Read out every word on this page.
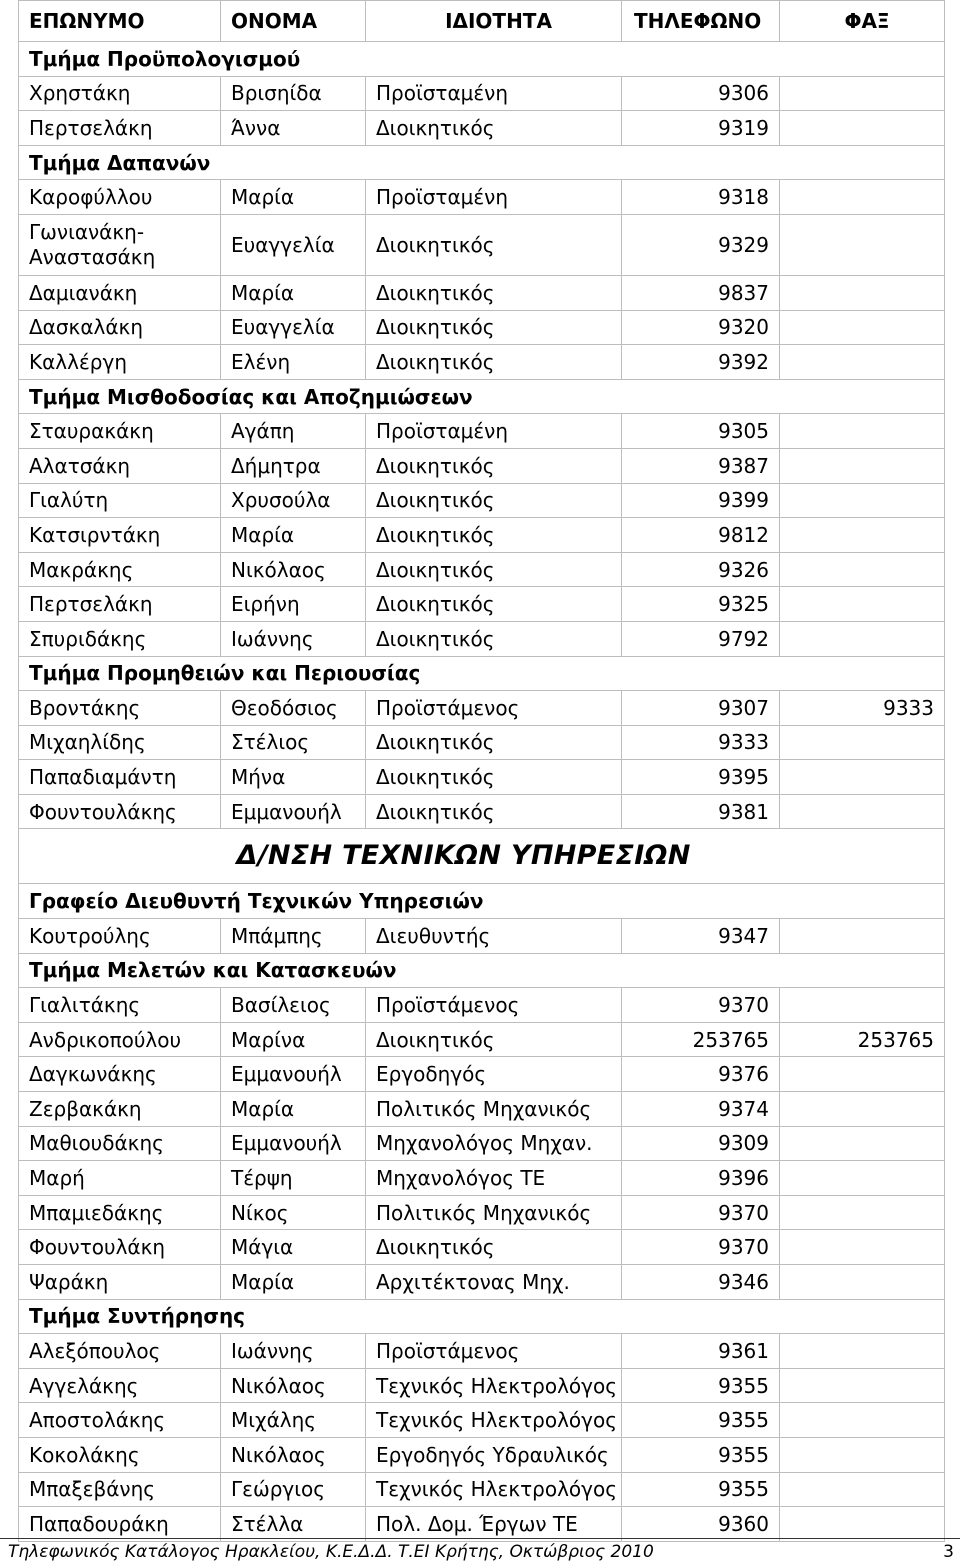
ΕΠΩΝΥΜΟ	ΟΝΟΜΑ	ΙΔΙΟΤΗΤΑ	ΤΗΛΕΦΩΝΟ	ΦΑΞ
Τμήμα Προϋπολογισμού				
Χρηστάκη	Βρισηίδα	Προϊσταμένη	9306	
Περτσελάκη	Άννα	Διοικητικός	9319	
Τμήμα Δαπανών				
Καροφύλλου	Μαρία	Προϊσταμένη	9318	
Γωνιανάκη-Αναστασάκη	Ευαγγελία	Διοικητικός	9329	
Δαμιανάκη	Μαρία	Διοικητικός	9837	
Δασκαλάκη	Ευαγγελία	Διοικητικός	9320	
Καλλέργη	Ελένη	Διοικητικός	9392	
Τμήμα Μισθοδοσίας και Αποζημιώσεων				
Σταυρακάκη	Αγάπη	Προϊσταμένη	9305	
Αλατσάκη	Δήμητρα	Διοικητικός	9387	
Γιαλύτη	Χρυσούλα	Διοικητικός	9399	
Κατσιρντάκη	Μαρία	Διοικητικός	9812	
Μακράκης	Νικόλαος	Διοικητικός	9326	
Περτσελάκη	Ειρήνη	Διοικητικός	9325	
Σπυριδάκης	Ιωάννης	Διοικητικός	9792	
Τμήμα Προμηθειών και Περιουσίας				
Βροντάκης	Θεοδόσιος	Προϊστάμενος	9307	9333
Μιχαηλίδης	Στέλιος	Διοικητικός	9333	
Παπαδιαμάντη	Μήνα	Διοικητικός	9395	
Φουντουλάκης	Εμμανουήλ	Διοικητικός	9381	
	Δ/ΝΣΗ ΤΕΧΝΙΚΩΝ ΥΠΗΡΕΣΙΩΝ			
Γραφείο Διευθυντή Τεχνικών Υπηρεσιών				
Κουτρούλης	Μπάμπης	Διευθυντής	9347	
Τμήμα Μελετών και Κατασκευών				
Γιαλιτάκης	Βασίλειος	Προϊστάμενος	9370	
Ανδρικοπούλου	Μαρίνα	Διοικητικός	253765	253765
Δαγκωνάκης	Εμμανουήλ	Εργοδηγός	9376	
Ζερβακάκη	Μαρία	Πολιτικός Μηχανικός	9374	
Μαθιουδάκης	Εμμανουήλ	Μηχανολόγος Μηχαν.	9309	
Μαρή	Τέρψη	Μηχανολόγος ΤΕ	9396	
Μπαμιεδάκης	Νίκος	Πολιτικός Μηχανικός	9370	
Φουντουλάκη	Μάγια	Διοικητικός	9370	
Ψαράκη	Μαρία	Αρχιτέκτονας Μηχ.	9346	
Τμήμα Συντήρησης				
Αλεξόπουλος	Ιωάννης	Προϊστάμενος	9361	
Αγγελάκης	Νικόλαος	Τεχνικός Ηλεκτρολόγος	9355	
Αποστολάκης	Μιχάλης	Τεχνικός Ηλεκτρολόγος	9355	
Κοκολάκης	Νικόλαος	Εργοδηγός Υδραυλικός	9355	
Μπαξεβάνης	Γεώργιος	Τεχνικός Ηλεκτρολόγος	9355	
Παπαδουράκη	Στέλλα	Πολ. Δομ. Έργων ΤΕ	9360	
Τηλεφωνικός Κατάλογος Ηρακλείου, Κ.Ε.Δ.Δ. Τ.ΕΙ Κρήτης, Οκτώβριος 2010	3
